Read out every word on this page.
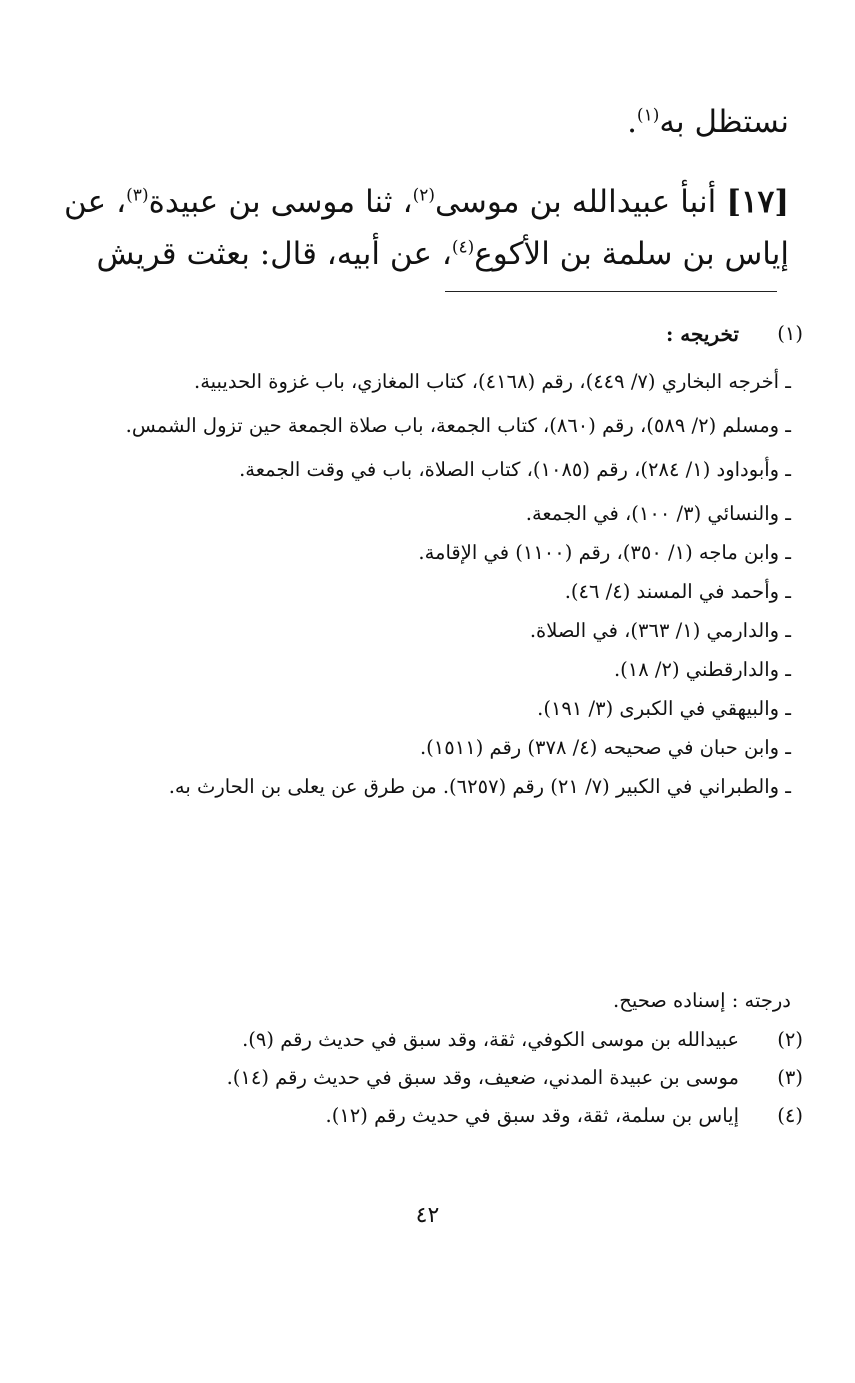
نستظل به$^{(١)}$.
[١٧] أنبأ عبيدالله بن موسى$^{(٢)}$، ثنا موسى بن عبيدة$^{(٣)}$، عن إياس بن سلمة بن الأكوع$^{(٤)}$، عن أبيه، قال: بعثت قريش
(١)
تخريجه :
ـ أخرجه البخاري (٧/ ٤٤٩)، رقم (٤١٦٨)، كتاب المغازي، باب غزوة الحديبية.
ـ ومسلم (٢/ ٥٨٩)، رقم (٨٦٠)، كتاب الجمعة، باب صلاة الجمعة حين تزول الشمس.
ـ وأبوداود (١/ ٢٨٤)، رقم (١٠٨٥)، كتاب الصلاة، باب في وقت الجمعة.
ـ والنسائي (٣/ ١٠٠)، في الجمعة.
ـ وابن ماجه (١/ ٣٥٠)، رقم (١١٠٠) في الإقامة.
ـ وأحمد في المسند (٤/ ٤٦).
ـ والدارمي (١/ ٣٦٣)، في الصلاة.
ـ والدارقطني (٢/ ١٨).
ـ والبيهقي في الكبرى (٣/ ١٩١).
ـ وابن حبان في صحيحه (٤/ ٣٧٨) رقم (١٥١١).
ـ والطبراني في الكبير (٧/ ٢١) رقم (٦٢٥٧). من طرق عن يعلى بن الحارث به.
درجته : إسناده صحيح.
(٢)
عبيدالله بن موسى الكوفي، ثقة، وقد سبق في حديث رقم (٩).
(٣)
موسى بن عبيدة المدني، ضعيف، وقد سبق في حديث رقم (١٤).
(٤)
إياس بن سلمة، ثقة، وقد سبق في حديث رقم (١٢).
٤٢
